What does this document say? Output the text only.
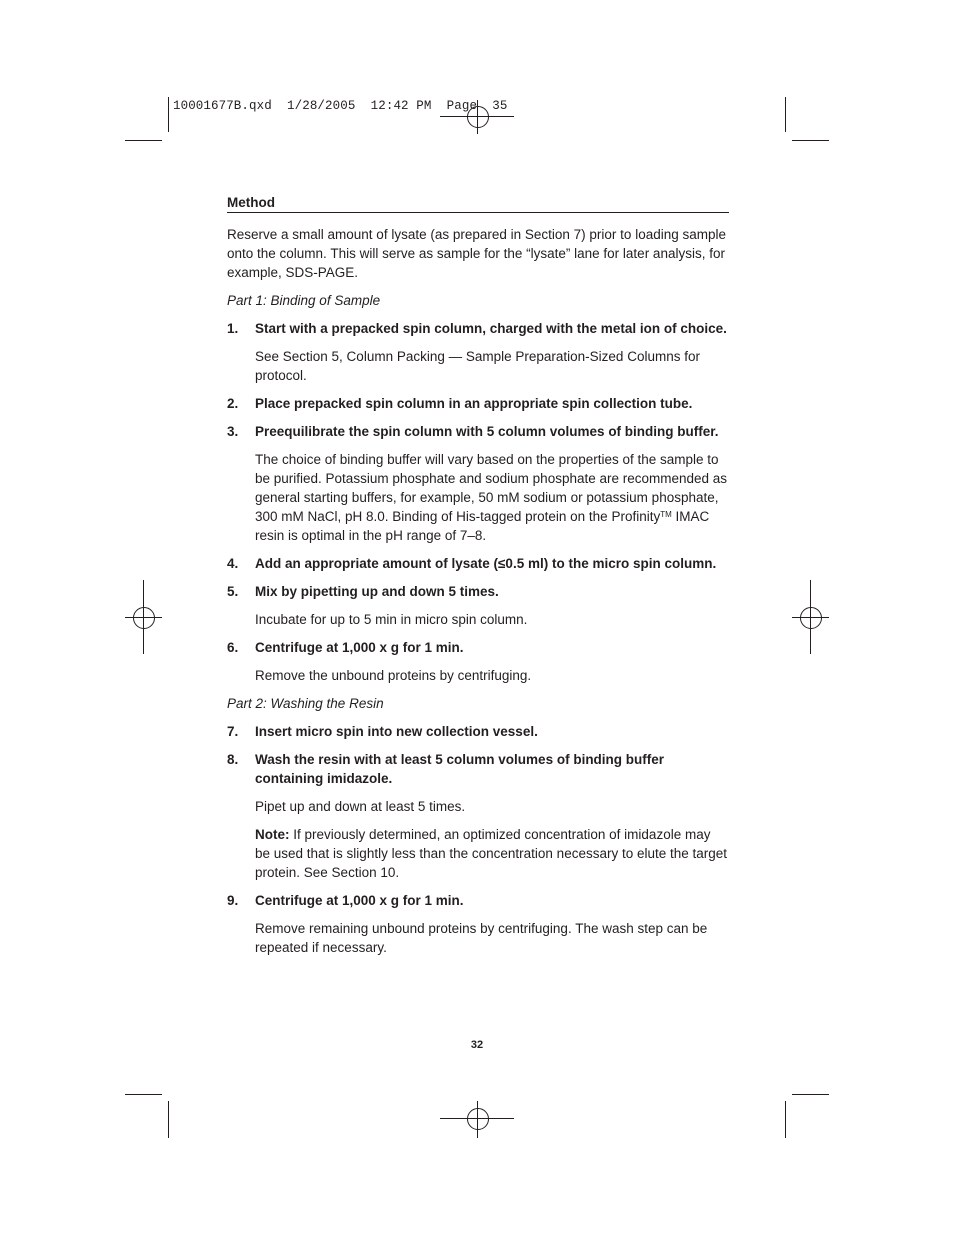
10001677B.qxd 1/28/2005 12:42 PM Page 35
Method

Reserve a small amount of lysate (as prepared in Section 7) prior to loading sample onto the column. This will serve as sample for the “lysate” lane for later analysis, for example, SDS-PAGE.

Part 1: Binding of Sample

1.	Start with a prepacked spin column, charged with the metal ion of choice.

See Section 5, Column Packing — Sample Preparation-Sized Columns for protocol.

2.	Place prepacked spin column in an appropriate spin collection tube.
3.	Preequilibrate the spin column with 5 column volumes of binding buffer.

The choice of binding buffer will vary based on the properties of the sample to be purified. Potassium phosphate and sodium phosphate are recommended as general starting buffers, for example, 50 mM sodium or potassium phosphate, 300 mM NaCl, pH 8.0. Binding of His-tagged protein on the Profinity™ IMAC resin is optimal in the pH range of 7–8.

4.	Add an appropriate amount of lysate (≤0.5 ml) to the micro spin column.
5.	Mix by pipetting up and down 5 times.

Incubate for up to 5 min in micro spin column.

6.	Centrifuge at 1,000 x g for 1 min.

Remove the unbound proteins by centrifuging.

Part 2: Washing the Resin

7.	Insert micro spin into new collection vessel.
8.	Wash the resin with at least 5 column volumes of binding buffer containing imidazole.

Pipet up and down at least 5 times.

Note: If previously determined, an optimized concentration of imidazole may be used that is slightly less than the concentration necessary to elute the target protein. See Section 10.

9.	Centrifuge at 1,000 x g for 1 min.

Remove remaining unbound proteins by centrifuging. The wash step can be repeated if necessary.

32
